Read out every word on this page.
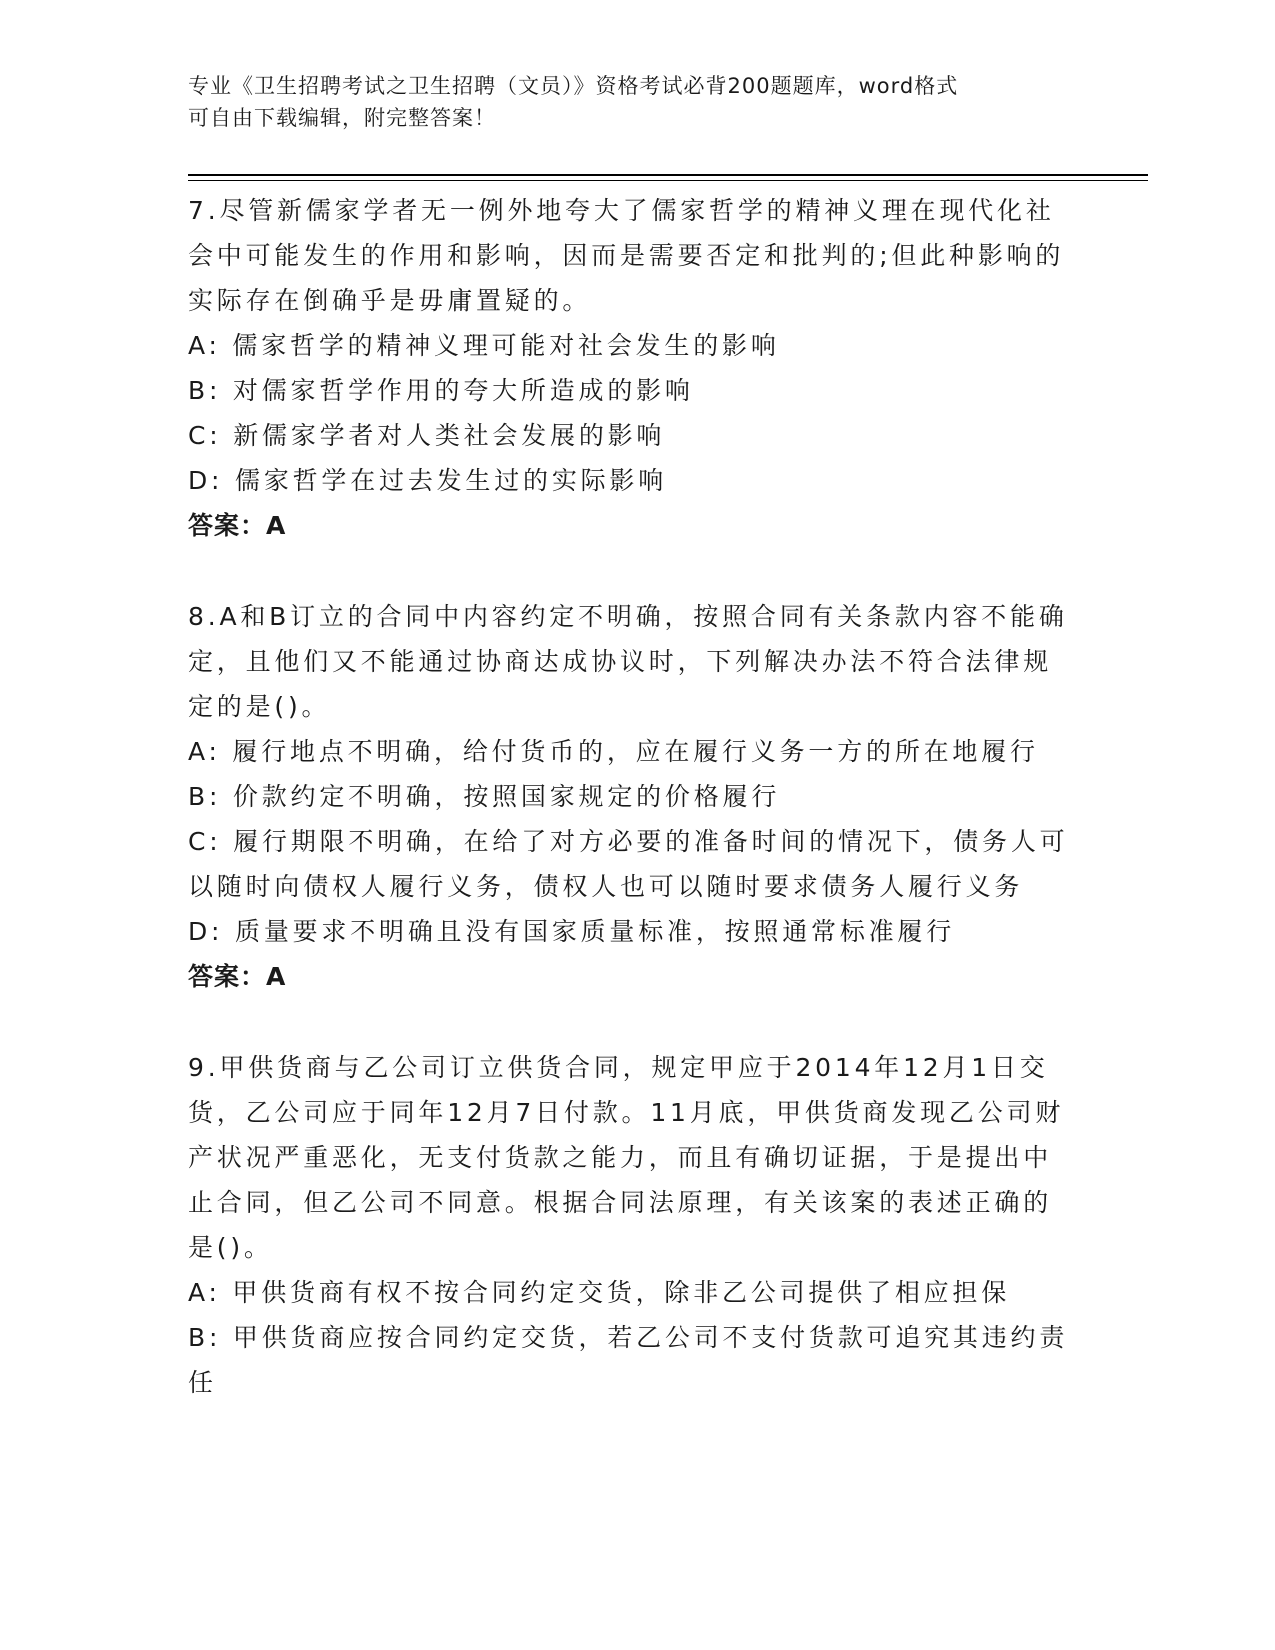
专业《卫生招聘考试之卫生招聘（文员）》资格考试必背200题题库，word格式
可自由下载编辑，附完整答案！

7.尽管新儒家学者无一例外地夸大了儒家哲学的精神义理在现代化社会中可能发生的作用和影响，因而是需要否定和批判的;但此种影响的实际存在倒确乎是毋庸置疑的。

A: 儒家哲学的精神义理可能对社会发生的影响

B: 对儒家哲学作用的夸大所造成的影响

C: 新儒家学者对人类社会发展的影响

D: 儒家哲学在过去发生过的实际影响

答案：A

8.A和B订立的合同中内容约定不明确，按照合同有关条款内容不能确定，且他们又不能通过协商达成协议时，下列解决办法不符合法律规定的是()。

A: 履行地点不明确，给付货币的，应在履行义务一方的所在地履行

B: 价款约定不明确，按照国家规定的价格履行

C: 履行期限不明确，在给了对方必要的准备时间的情况下，债务人可以随时向债权人履行义务，债权人也可以随时要求债务人履行义务

D: 质量要求不明确且没有国家质量标准，按照通常标准履行

答案：A

9.甲供货商与乙公司订立供货合同，规定甲应于2014年12月1日交货，乙公司应于同年12月7日付款。11月底，甲供货商发现乙公司财产状况严重恶化，无支付货款之能力，而且有确切证据，于是提出中止合同，但乙公司不同意。根据合同法原理，有关该案的表述正确的是()。

A: 甲供货商有权不按合同约定交货，除非乙公司提供了相应担保

B: 甲供货商应按合同约定交货，若乙公司不支付货款可追究其违约责任
